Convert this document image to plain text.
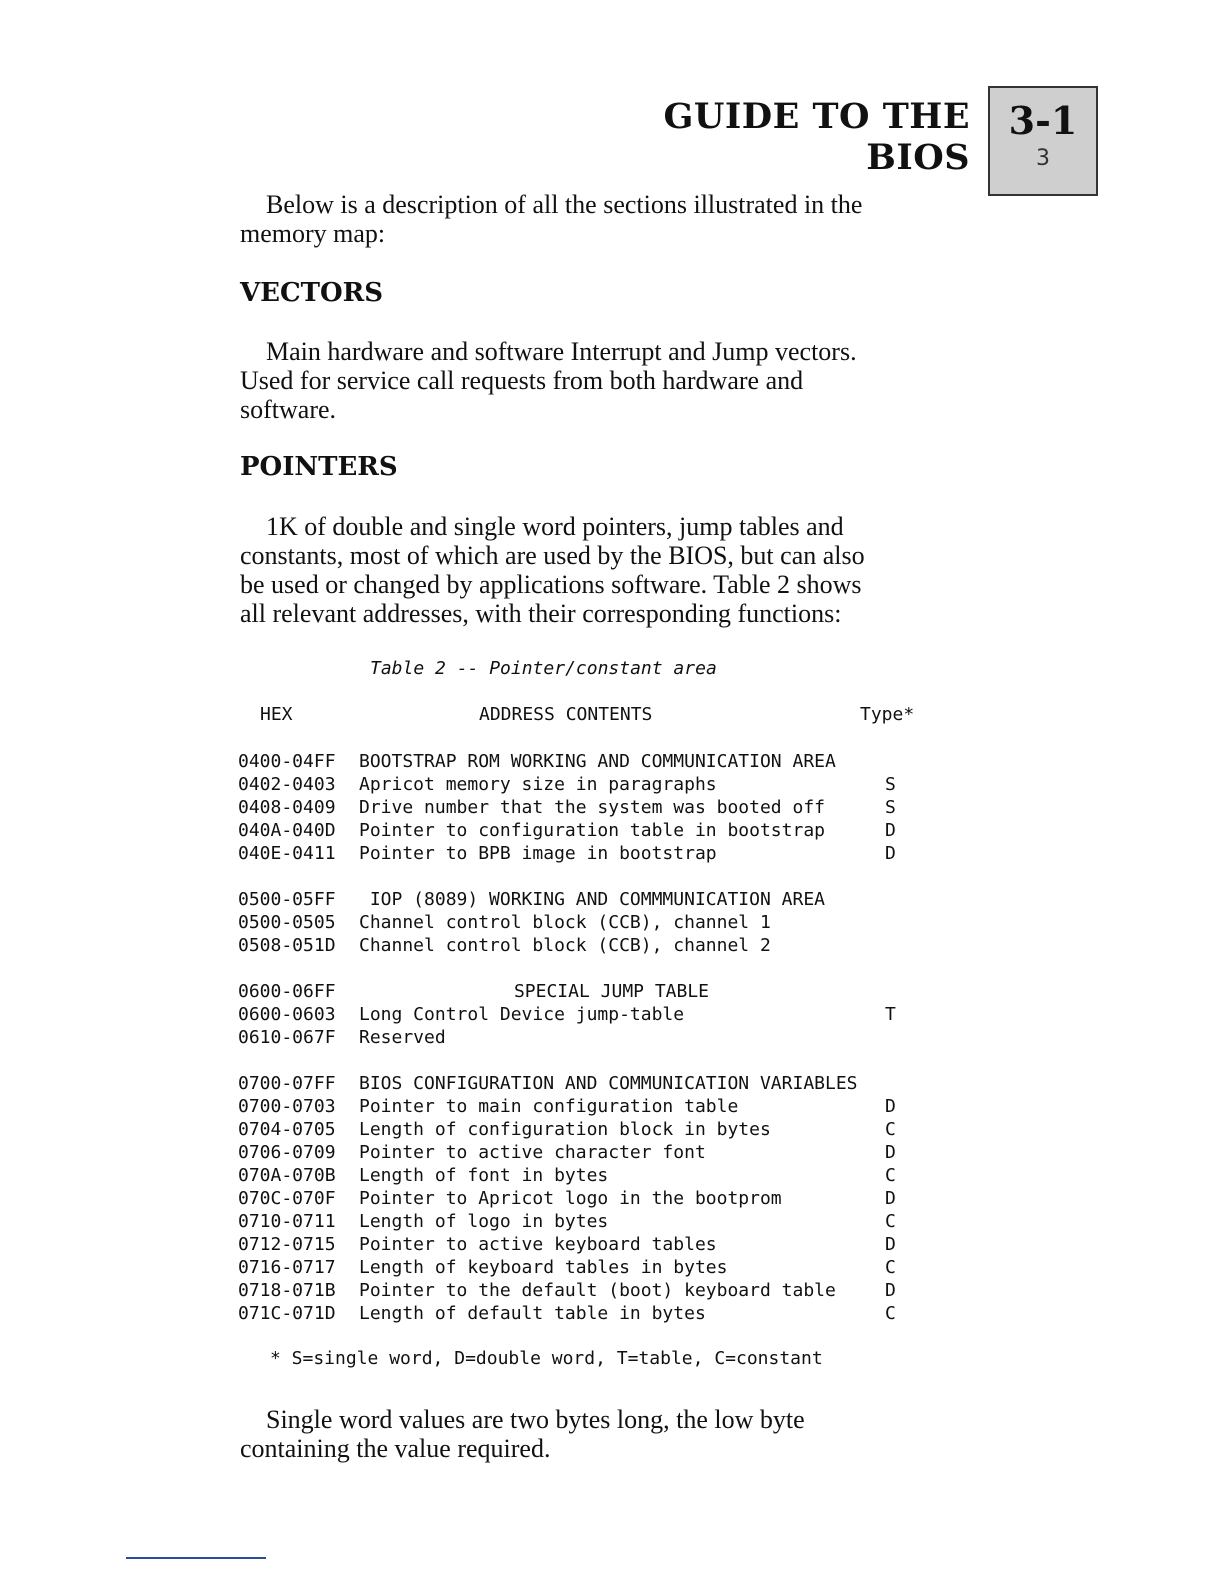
GUIDE TO THE BIOS
3-1
3

Below is a description of all the sections illustrated in the
memory map:

VECTORS

Main hardware and software Interrupt and Jump vectors.
Used for service call requests from both hardware and
software.

POINTERS

1K of double and single word pointers, jump tables and
constants, most of which are used by the BIOS, but can also
be used or changed by applications software. Table 2 shows
all relevant addresses, with their corresponding functions:

Table 2 -- Pointer/constant area
HEX	ADDRESS CONTENTS	Type*
0400-04FF BOOTSTRAP ROM WORKING AND COMMUNICATION AREA
0402-0403 Apricot memory size in paragraphs	S
0408-0409 Drive number that the system was booted off	S
040A-040D Pointer to configuration table in bootstrap	D
040E-0411 Pointer to BPB image in bootstrap	D
0500-05FF IOP (8089) WORKING AND COMMMUNICATION AREA
0500-0505 Channel control block (CCB), channel 1
0508-051D Channel control block (CCB), channel 2
0600-06FF	SPECIAL JUMP TABLE
0600-0603 Long Control Device jump-table	T
0610-067F Reserved
0700-07FF BIOS CONFIGURATION AND COMMUNICATION VARIABLES
0700-0703 Pointer to main configuration table	D
0704-0705 Length of configuration block in bytes	C
0706-0709 Pointer to active character font	D
070A-070B Length of font in bytes	C
070C-070F Pointer to Apricot logo in the bootprom	D
0710-0711 Length of logo in bytes	C
0712-0715 Pointer to active keyboard tables	D
0716-0717 Length of keyboard tables in bytes	C
0718-071B Pointer to the default (boot) keyboard table	D
071C-071D Length of default table in bytes	C
* S=single word, D=double word, T=table, C=constant

Single word values are two bytes long, the low byte
containing the value required.
